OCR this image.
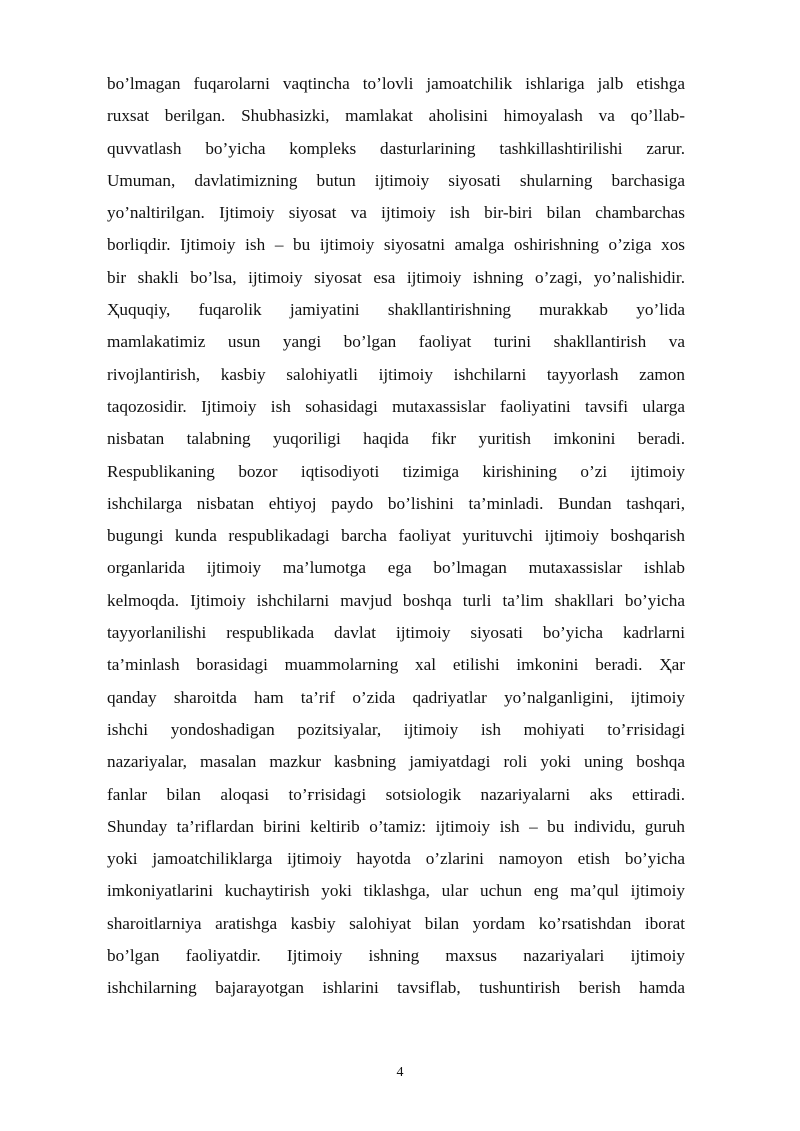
bo’lmagan fuqarolarni vaqtincha to’lovli jamoatchilik ishlariga jalb etishga
ruxsat berilgan. Shubhasizki, mamlakat aholisini himoyalash va qo’llab-
quvvatlash bo’yicha kompleks dasturlarining tashkillashtirilishi zarur.
Umuman, davlatimizning butun ijtimoiy siyosati shularning barchasiga
yo’naltirilgan. Ijtimoiy siyosat va ijtimoiy ish bir-biri bilan chambarchas
borliqdir. Ijtimoiy ish – bu ijtimoiy siyosatni amalga oshirishning o’ziga xos
bir shakli bo’lsa, ijtimoiy siyosat esa ijtimoiy ishning o’zagi, yo’nalishidir.
Ҳuquqiy, fuqarolik jamiyatini shakllantirishning murakkab yo’lida
mamlakatimiz usun yangi bo’lgan faoliyat turini shakllantirish va
rivojlantirish, kasbiy salohiyatli ijtimoiy ishchilarni tayyorlash zamon
taqozosidir. Ijtimoiy ish sohasidagi mutaxassislar faoliyatini tavsifi ularga
nisbatan talabning yuqoriligi haqida fikr yuritish imkonini beradi.
Respublikaning bozor iqtisodiyoti tizimiga kirishining o’zi ijtimoiy
ishchilarga nisbatan ehtiyoj paydo bo’lishini ta’minladi. Bundan tashqari,
bugungi kunda respublikadagi barcha faoliyat yurituvchi ijtimoiy boshqarish
organlarida ijtimoiy ma’lumotga ega bo’lmagan mutaxassislar ishlab
kelmoqda. Ijtimoiy ishchilarni mavjud boshqa turli ta’lim shakllari bo’yicha
tayyorlanilishi respublikada davlat ijtimoiy siyosati bo’yicha kadrlarni
ta’minlash borasidagi muammolarning xal etilishi imkonini beradi. Ҳar
qanday sharoitda ham ta’rif o’zida qadriyatlar yo’nalganligini, ijtimoiy
ishchi yondoshadigan pozitsiyalar, ijtimoiy ish mohiyati to’ғrisidagi
nazariyalar, masalan mazkur kasbning jamiyatdagi roli yoki uning boshqa
fanlar bilan aloqasi to’ғrisidagi sotsiologik nazariyalarni aks ettiradi.
Shunday ta’riflardan birini keltirib o’tamiz: ijtimoiy ish – bu individu, guruh
yoki jamoatchiliklarga ijtimoiy hayotda o’zlarini namoyon etish bo’yicha
imkoniyatlarini kuchaytirish yoki tiklashga, ular uchun eng ma’qul ijtimoiy
sharoitlarniya aratishga kasbiy salohiyat bilan yordam ko’rsatishdan iborat
bo’lgan faoliyatdir. Ijtimoiy ishning maxsus nazariyalari ijtimoiy
ishchilarning bajarayotgan ishlarini tavsiflab, tushuntirish berish hamda
4
